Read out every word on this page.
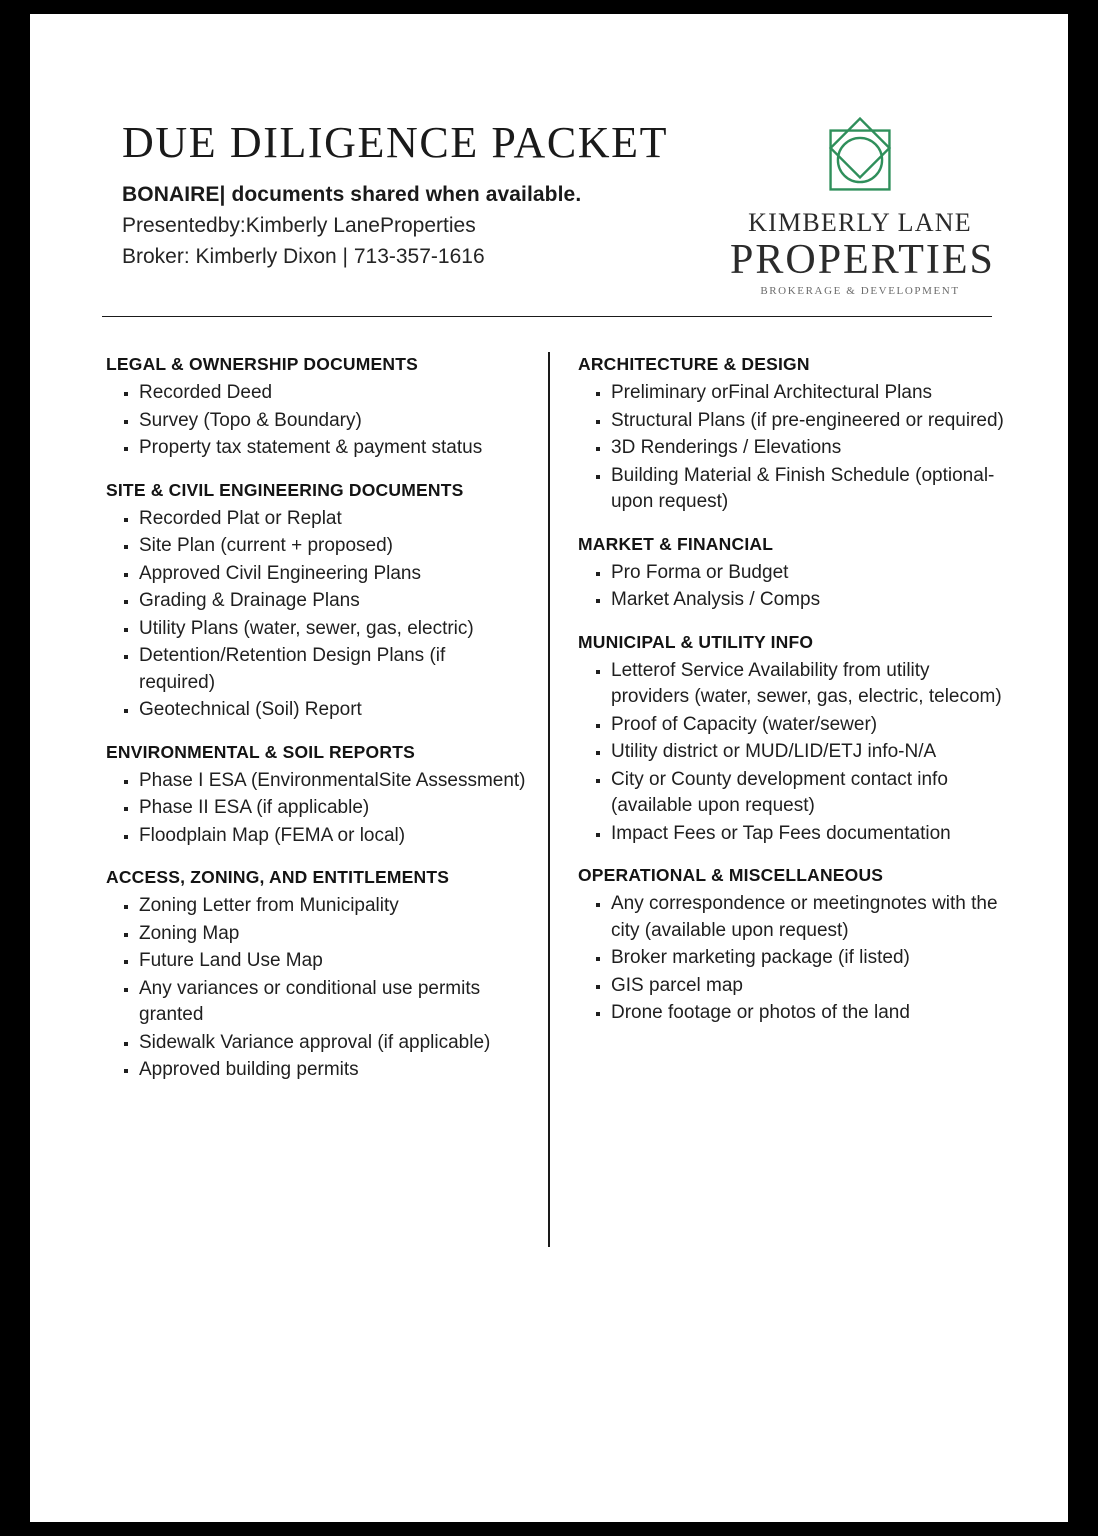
DUE DILIGENCE PACKET
BONAIRE| documents shared when available.
Presentedby:Kimberly LaneProperties
Broker: Kimberly Dixon | 713-357-1616
KIMBERLY LANE
PROPERTIES
BROKERAGE & DEVELOPMENT
LEGAL & OWNERSHIP DOCUMENTS
Recorded Deed
Survey (Topo & Boundary)
Property tax statement & payment status
SITE & CIVIL ENGINEERING DOCUMENTS
Recorded Plat or Replat
Site Plan (current + proposed)
Approved Civil Engineering Plans
Grading & Drainage Plans
Utility Plans (water, sewer, gas, electric)
Detention/Retention Design Plans (if required)
Geotechnical (Soil) Report
ENVIRONMENTAL & SOIL REPORTS
Phase I ESA (EnvironmentalSite Assessment)
Phase II ESA (if applicable)
Floodplain Map (FEMA or local)
ACCESS, ZONING, AND ENTITLEMENTS
Zoning Letter from Municipality
Zoning Map
Future Land Use Map
Any variances or conditional use permits granted
Sidewalk Variance approval (if applicable)
Approved building permits
ARCHITECTURE & DESIGN
Preliminary orFinal Architectural Plans
Structural Plans (if pre-engineered or required)
3D Renderings / Elevations
Building Material & Finish Schedule (optional-upon request)
MARKET & FINANCIAL
Pro Forma or Budget
Market Analysis / Comps
MUNICIPAL & UTILITY INFO
Letterof Service Availability from utility providers (water, sewer, gas, electric, telecom)
Proof of Capacity (water/sewer)
Utility district or MUD/LID/ETJ info-N/A
City or County development contact info (available upon request)
Impact Fees or Tap Fees documentation
OPERATIONAL & MISCELLANEOUS
Any correspondence or meetingnotes with the city (available upon request)
Broker marketing package (if listed)
GIS parcel map
Drone footage or photos of the land
